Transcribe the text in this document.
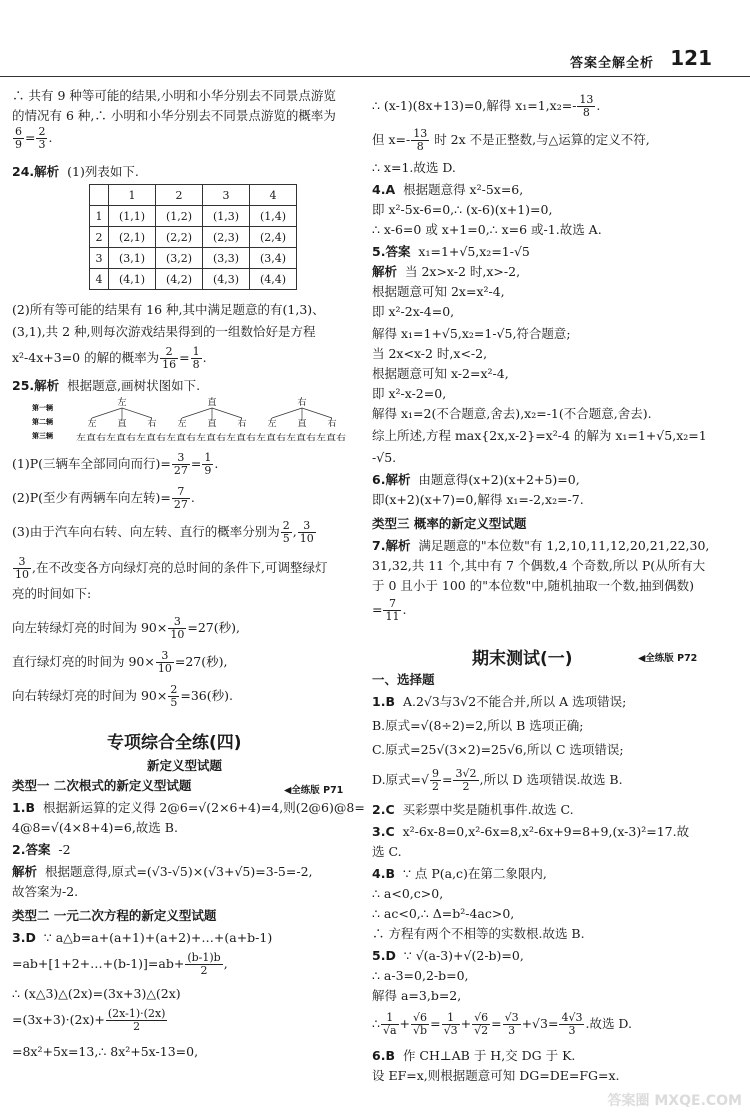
答案全解全析 121
∴ 共有 9 种等可能的结果,小明和小华分别去不同景点游览
的情况有 6 种,∴ 小明和小华分别去不同景点游览的概率为
$\frac{6}{9} = \frac{2}{3}$ .
24.解析 (1)列表如下.
	1	2	3	4
1	(1,1)	(1,2)	(1,3)	(1,4)
2	(2,1)	(2,2)	(2,3)	(2,4)
3	(3,1)	(3,2)	(3,3)	(3,4)
4	(4,1)	(4,2)	(4,3)	(4,4)
(2)所有等可能的结果有 16 种,其中满足题意的有(1,3)、
(3,1),共 2 种,则每次游戏结果得到的一组数恰好是方程
x²-4x+3=0 的解的概率为 $\frac{2}{16} = \frac{1}{8}$ .
25.解析 根据题意,画树状图如下.
第一辆
第二辆
第三辆
左	直	右
左 直 右 左 直 右 左 直 右
左直右左直右左直右左直右左直右左直右左直右左直右左直右
(1)P(三辆车全部同向而行)= $\frac{3}{27} = \frac{1}{9}$ .
(2)P(至少有两辆车向左转)= $\frac{7}{27}$ .
(3)由于汽车向右转、向左转、直行的概率分别为 $\frac{2}{5}$ , $\frac{3}{10}$
$\frac{3}{10}$ ,在不改变各方向绿灯亮的总时间的条件下,可调整绿灯
亮的时间如下:
向左转绿灯亮的时间为 $90\times \frac{3}{10} =27$(秒),
直行绿灯亮的时间为 $90\times \frac{3}{10} =27$(秒),
向右转绿灯亮的时间为 $90\times \frac{2}{5} =36$(秒).
专项综合全练(四)
新定义型试题
类型一 二次根式的新定义型试题	◀全练版 P71
1.B 根据新运算的定义得 2@6=√(2×6+4)=4,则(2@6)@8=
4@8=√(4×8+4)=6,故选 B.
2.答案 -2
解析 根据题意得,原式=(√3-√5)×(√3+√5)=3-5=-2,
故答案为-2.
类型二 一元二次方程的新定义型试题
3.D ∵ a△b=a+(a+1)+(a+2)+…+(a+b-1)
=ab+[1+2+…+(b-1)]=ab+ $\frac{(b-1)b}{2}$ ,
∴ (x△3)△(2x)=(3x+3)△(2x)
$=(3x+3)\cdot(2x)+ \frac{(2x-1)\cdot(2x)}{2}$
=8x²+5x=13,∴ 8x²+5x-13=0,
∴ (x-1)(8x+13)=0,解得 $x_1=1,x_2=- \frac{13}{8}$ .
但 $x=- \frac{13}{8}$ 时 2x 不是正整数,与△运算的定义不符,
∴ x=1.故选 D.
4.A 根据题意得 x²-5x=6,
即 x²-5x-6=0,∴ (x-6)(x+1)=0,
∴ x-6=0 或 x+1=0,∴ x=6 或-1.故选 A.
5.答案 x₁=1+√5,x₂=1-√5
解析 当 2x>x-2 时,x>-2,
根据题意可知 2x=x²-4,
即 x²-2x-4=0,
解得 x₁=1+√5,x₂=1-√5,符合题意;
当 2x<x-2 时,x<-2,
根据题意可知 x-2=x²-4,
即 x²-x-2=0,
解得 x₁=2(不合题意,舍去),x₂=-1(不合题意,舍去).
综上所述,方程 max{2x,x-2}=x²-4 的解为 x₁=1+√5,x₂=1
-√5.
6.解析 由题意得(x+2)(x+2+5)=0,
即(x+2)(x+7)=0,解得 x₁=-2,x₂=-7.
类型三 概率的新定义型试题
7.解析 满足题意的"本位数"有 1,2,10,11,12,20,21,22,30,
31,32,共 11 个,其中有 7 个偶数,4 个奇数,所以 P(从所有大
于 0 且小于 100 的"本位数"中,随机抽取一个数,抽到偶数)
= $\frac{7}{11}$ .
期末测试(一)	◀全练版 P72
一、选择题
1.B A.2√3与3√2不能合并,所以 A 选项错误;
B.原式=√(8÷2)=2,所以 B 选项正确;
C.原式=25√(3×2)=25√6,所以 C 选项错误;
D.原式=√ $\frac{9}{2} = \frac{3√2}{2}$ ,所以 D 选项错误.故选 B.
2.C 买彩票中奖是随机事件.故选 C.
3.C x²-6x-8=0,x²-6x=8,x²-6x+9=8+9,(x-3)²=17.故
选 C.
4.B ∵ 点 P(a,c)在第二象限内,
∴ a<0,c>0,
∴ ac<0,∴ Δ=b²-4ac>0,
∴ 方程有两个不相等的实数根.故选 B.
5.D ∵ √(a-3)+√(2-b)=0,
∴ a-3=0,2-b=0,
解得 a=3,b=2,
∴ $\frac{1}{√a} + \frac{√6}{√b} = \frac{1}{√3} + \frac{√6}{√2} = \frac{√3}{3} +√3= \frac{4√3}{3}$ .故选 D.
6.B 作 CH⊥AB 于 H,交 DG 于 K.
设 EF=x,则根据题意可知 DG=DE=FG=x.
答案圈 MXQE.COM
